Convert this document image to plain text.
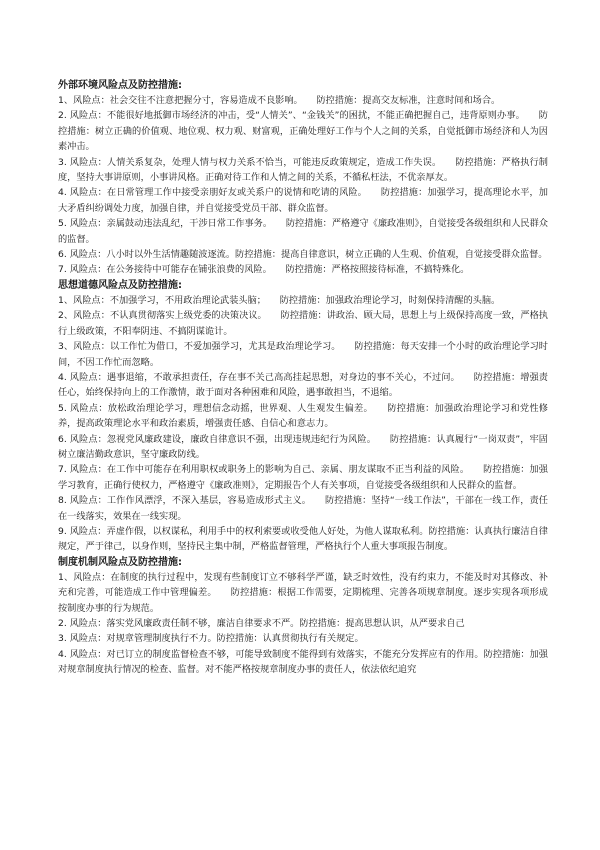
外部环境风险点及防控措施:

1、风险点：社会交往不注意把握分寸，容易造成不良影响。　　防控措施：提高交友标准，注意时间和场合。

2. 风险点：不能很好地抵御市场经济的冲击，受“人情关”、“金钱关”的困扰，不能正确把握自己，违背原则办事。　　防控措施：树立正确的价值观、地位观、权力观、财富观，正确处理好工作与个人之间的关系，自觉抵御市场经济和人为因素冲击。

3. 风险点：人情关系复杂，处理人情与权力关系不恰当，可能违反政策规定，造成工作失误。　　防控措施：严格执行制度，坚持大事讲原则，小事讲风格。正确对待工作和人情之间的关系，不循私枉法，不优亲厚友。

4. 风险点：在日常管理工作中接受亲朋好友或关系户的说情和吃请的风险。　　防控措施：加强学习，提高理论水平，加大矛盾纠纷调处力度，加强自律，并自觉接受党员干部、群众监督。

5. 风险点：亲属鼓动违法乱纪，干涉日常工作事务。　　防控措施：严格遵守《廉政准则》，自觉接受各级组织和人民群众的监督。

6. 风险点：八小时以外生活情趣随波逐流。防控措施：提高自律意识，树立正确的人生观、价值观，自觉接受群众监督。

7. 风险点：在公务接待中可能存在铺张浪费的风险。　　防控措施：严格按照接待标准，不搞特殊化。

思想道德风险点及防控措施:

1、风险点：不加强学习，不用政治理论武装头脑；　　防控措施：加强政治理论学习，时刻保持清醒的头脑。

2、风险点：不认真贯彻落实上级党委的决策决议。　　防控措施：讲政治、顾大局，思想上与上级保持高度一致，严格执行上级政策，不阳奉阴违、不搞阴谋诡计。

3、风险点：以工作忙为借口，不爱加强学习，尤其是政治理论学习。　　防控措施：每天安排一个小时的政治理论学习时间，不因工作忙而忽略。

4. 风险点：遇事退缩，不敢承担责任，存在事不关己高高挂起思想，对身边的事不关心，不过问。　　防控措施：增强责任心，始终保持向上的工作激情，敢于面对各种困难和风险，遇事敢担当，不退缩。

5. 风险点：放松政治理论学习，理想信念动摇，世界观、人生观发生偏差。　　防控措施：加强政治理论学习和党性修养，提高政策理论水平和政治素质，增强责任感、自信心和意志力。

6. 风险点：忽视党风廉政建设，廉政自律意识不强，出现违规违纪行为风险。　　防控措施：认真履行“一岗双责”，牢固树立廉洁勤政意识，坚守廉政防线。

7. 风险点：在工作中可能存在利用职权或职务上的影响为自己、亲属、朋友谋取不正当利益的风险。　　防控措施：加强学习教育，正确行使权力，严格遵守《廉政准则》，定期报告个人有关事项，自觉接受各级组织和人民群众的监督。

8. 风险点：工作作风漂浮，不深入基层，容易造成形式主义。　　防控措施：坚持“一线工作法”，干部在一线工作，责任在一线落实，效果在一线实现。

9. 风险点：弄虚作假，以权谋私，利用手中的权利索要或收受他人好处，为他人谋取私利。防控措施：认真执行廉洁自律规定，严于律己，以身作则，坚持民主集中制，严格监督管理，严格执行个人重大事项报告制度。

制度机制风险点及防控措施:

1、风险点：在制度的执行过程中，发现有些制度订立不够科学严谨，缺乏时效性，没有约束力，不能及时对其修改、补充和完善，可能造成工作中管理偏差。　　防控措施：根据工作需要，定期梳理、完善各项规章制度。逐步实现各项形成按制度办事的行为规范。

2. 风险点：落实党风廉政责任制不够，廉洁自律要求不严。防控措施：提高思想认识，从严要求自己

3. 风险点：对规章管理制度执行不力。防控措施：认真贯彻执行有关规定。

4. 风险点：对已订立的制度监督检查不够，可能导致制度不能得到有效落实，不能充分发挥应有的作用。防控措施：加强对规章制度执行情况的检查、监督。对不能严格按规章制度办事的责任人，依法依纪追究
